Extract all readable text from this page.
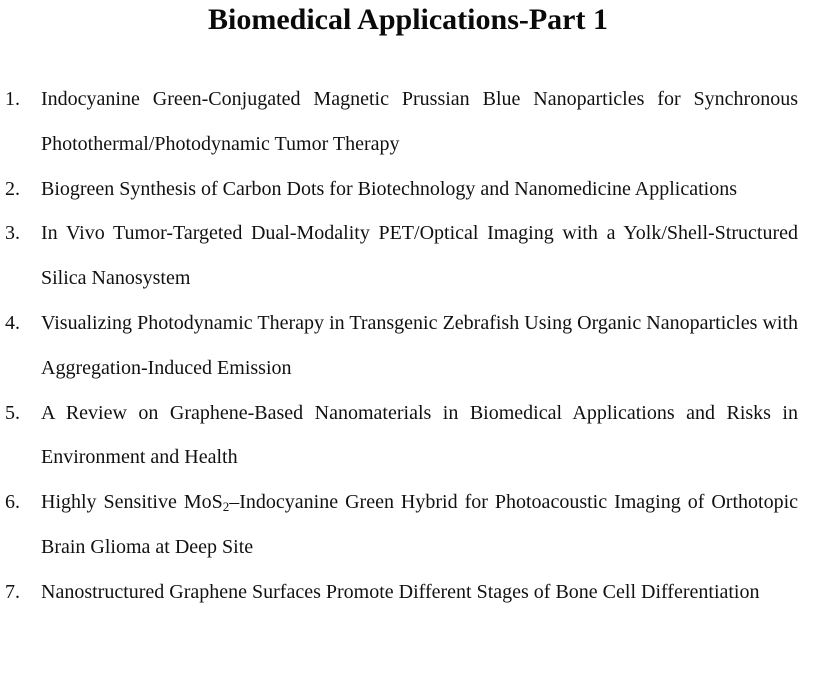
Biomedical Applications-Part 1
1. Indocyanine Green-Conjugated Magnetic Prussian Blue Nanoparticles for Synchronous Photothermal/Photodynamic Tumor Therapy
2. Biogreen Synthesis of Carbon Dots for Biotechnology and Nanomedicine Applications
3. In Vivo Tumor-Targeted Dual-Modality PET/Optical Imaging with a Yolk/Shell-Structured Silica Nanosystem
4. Visualizing Photodynamic Therapy in Transgenic Zebrafish Using Organic Nanoparticles with Aggregation-Induced Emission
5. A Review on Graphene-Based Nanomaterials in Biomedical Applications and Risks in Environment and Health
6. Highly Sensitive MoS$_2$–Indocyanine Green Hybrid for Photoacoustic Imaging of Orthotopic Brain Glioma at Deep Site
7. Nanostructured Graphene Surfaces Promote Different Stages of Bone Cell Differentiation
